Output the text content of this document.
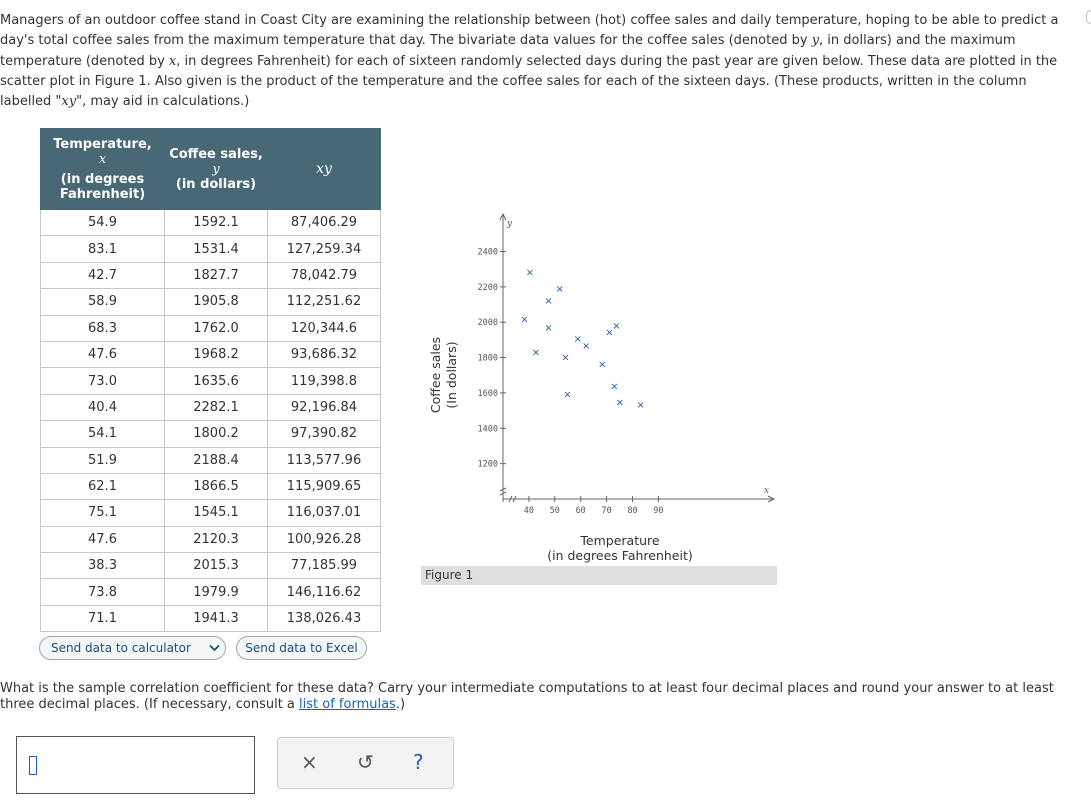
Managers of an outdoor coffee stand in Coast City are examining the relationship between (hot) coffee sales and daily temperature, hoping to be able to predict a day's total coffee sales from the maximum temperature that day. The bivariate data values for the coffee sales (denoted by y, in dollars) and the maximum temperature (denoted by x, in degrees Fahrenheit) for each of sixteen randomly selected days during the past year are given below. These data are plotted in the scatter plot in Figure 1. Also given is the product of the temperature and the coffee sales for each of the sixteen days. (These products, written in the column labelled "xy", may aid in calculations.)
Temperature,
x
(in degrees
Fahrenheit)	Coffee sales,
y
(in dollars)	xy

54.9	1592.1	87,406.29
83.1	1531.4	127,259.34
42.7	1827.7	78,042.79
58.9	1905.8	112,251.62
68.3	1762.0	120,344.6
47.6	1968.2	93,686.32
73.0	1635.6	119,398.8
40.4	2282.1	92,196.84
54.1	1800.2	97,390.82
51.9	2188.4	113,577.96
62.1	1866.5	115,909.65
75.1	1545.1	116,037.01
47.6	2120.3	100,926.28
38.3	2015.3	77,185.99
73.8	1979.9	146,116.62
71.1	1941.3	138,026.43
Send data to calculator	Send data to Excel
y
x
1200
1400
1600
1800
2000
2200
2400
40 50 60 70 80 90
×
×
×
×
×
×
×
×
×
×
×
×
×
×
×
×
Coffee sales (In dollars)
Temperature
(in degrees Fahrenheit)
Figure 1
What is the sample correlation coefficient for these data? Carry your intermediate computations to at least four decimal places and round your answer to at least three decimal places. (If necessary, consult a list of formulas.)
× ↺ ?
